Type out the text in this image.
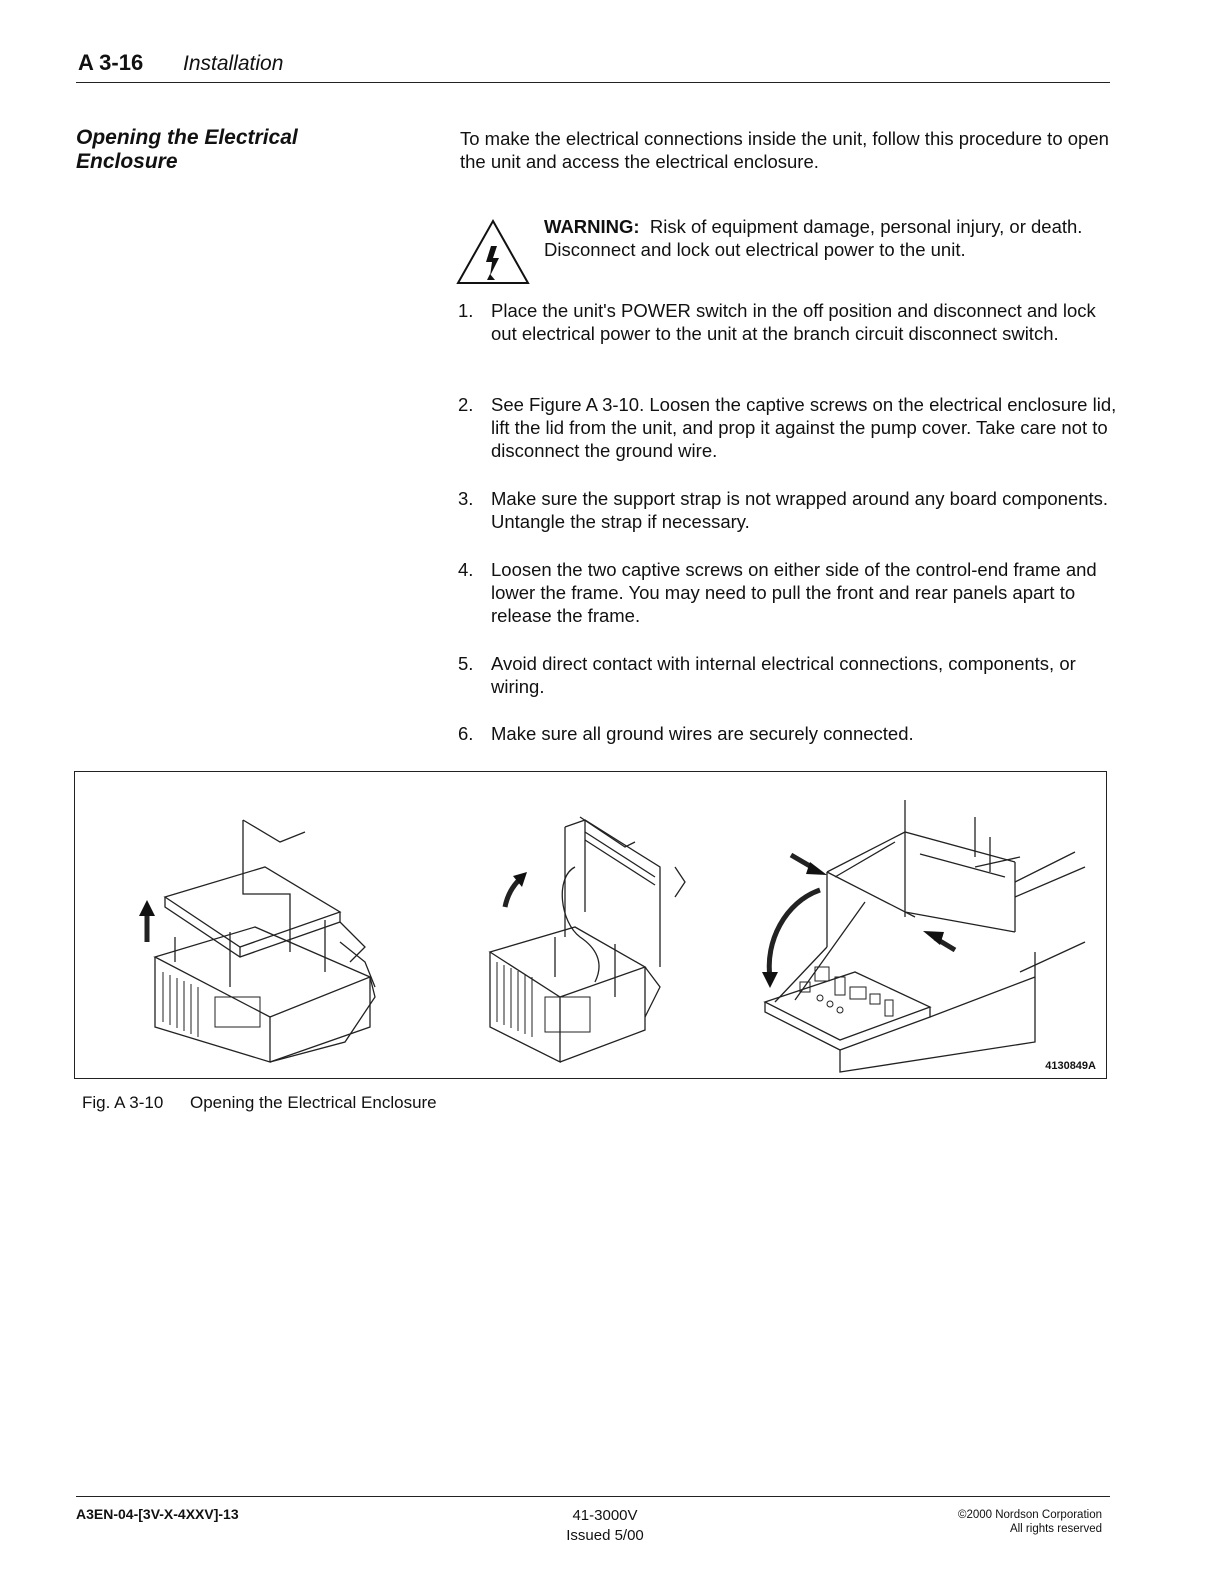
A 3-16 Installation
Opening the Electrical Enclosure
To make the electrical connections inside the unit, follow this procedure to open the unit and access the electrical enclosure.
WARNING: Risk of equipment damage, personal injury, or death. Disconnect and lock out electrical power to the unit.
1. Place the unit's POWER switch in the off position and disconnect and lock out electrical power to the unit at the branch circuit disconnect switch.
2. See Figure A 3-10. Loosen the captive screws on the electrical enclosure lid, lift the lid from the unit, and prop it against the pump cover. Take care not to disconnect the ground wire.
3. Make sure the support strap is not wrapped around any board components. Untangle the strap if necessary.
4. Loosen the two captive screws on either side of the control-end frame and lower the frame. You may need to pull the front and rear panels apart to release the frame.
5. Avoid direct contact with internal electrical connections, components, or wiring.
6. Make sure all ground wires are securely connected.
4130849A
Fig. A 3-10 Opening the Electrical Enclosure
A3EN-04-[3V-X-4XXV]-13	41-3000V
Issued 5/00
©2000 Nordson Corporation
All rights reserved
